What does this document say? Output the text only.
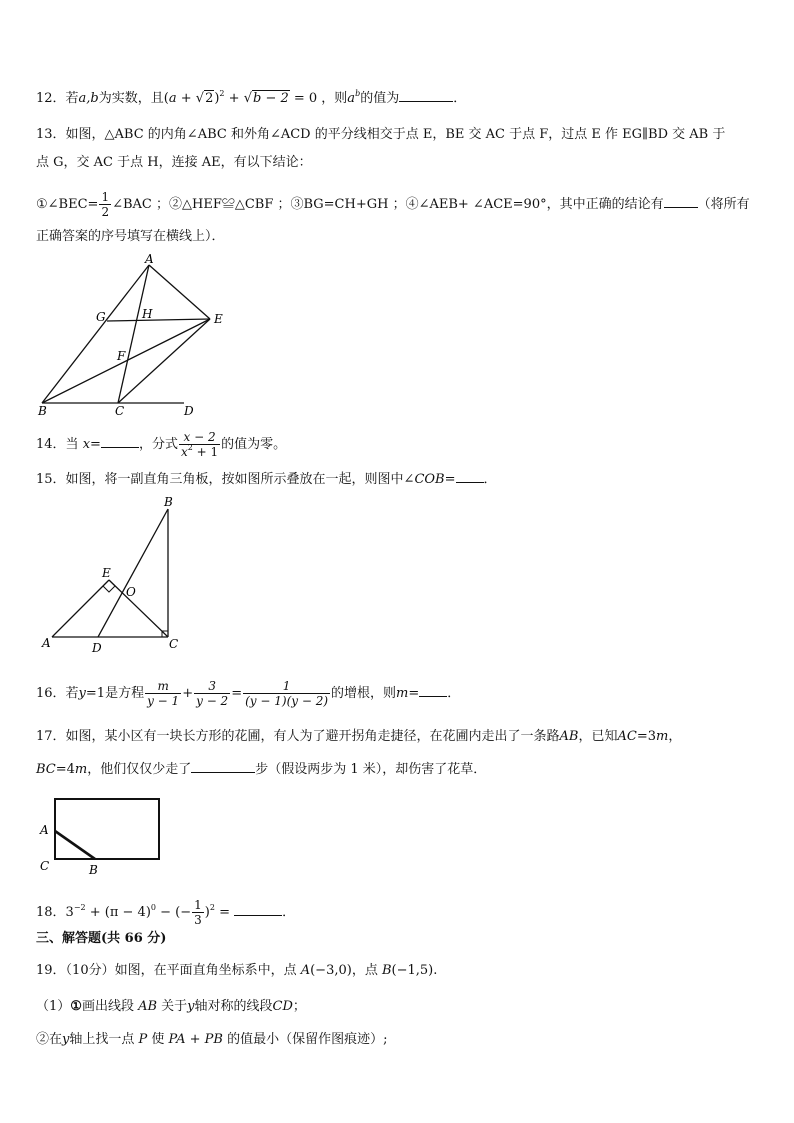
12．若a,b为实数，且$(a + √2)^2 + √b - 2 = 0$ ，则$a^b$的值为	．
13．如图，△ABC 的内角∠ABC 和外角∠ACD 的平分线相交于点 E，BE 交 AC 于点 F，过点 E 作 EG∥BD 交 AB 于
点 G，交 AC 于点 H，连接 AE，有以下结论：
①∠BEC= $\frac{1}{2}$ ∠BAC ；②△HEF≌△CBF ；③BG=CH+GH ；④∠AEB+ ∠ACE=90°，其中正确的结论有	（将所有
正确答案的序号填写在横线上）．
A
G	H	E
F
B	C	D
14．当 x=	，分式 $\frac{x - 2}{x^2 + 1}$ 的值为零。
15．如图，将一副直角三角板，按如图所示叠放在一起，则图中∠COB= ．
B
E
O
A	D	C
16．若y=1是方程 $\frac{m}{y - 1} + \frac{3}{y - 2} = \frac{1}{(y - 1)(y - 2)}$ 的增根，则m= ．
17．如图，某小区有一块长方形的花圃，有人为了避开拐角走捷径，在花圃内走出了一条路AB，已知AC=3m，
BC=4m，他们仅仅少走了	步（假设两步为 1 米），却伤害了花草．
A
C	B
18．$3^{-2} + (\pi - 4)^0$ − (− $\frac{1}{3} )^2$ =	．
三、解答题(共 66 分)
19．（10分）如图，在平面直角坐标系中，点 A(−3,0)，点 B(−1,5).
（1）①画出线段 AB 关于y轴对称的线段CD；
②在y轴上找一点 P 使 PA + PB 的值最小（保留作图痕迹）;
